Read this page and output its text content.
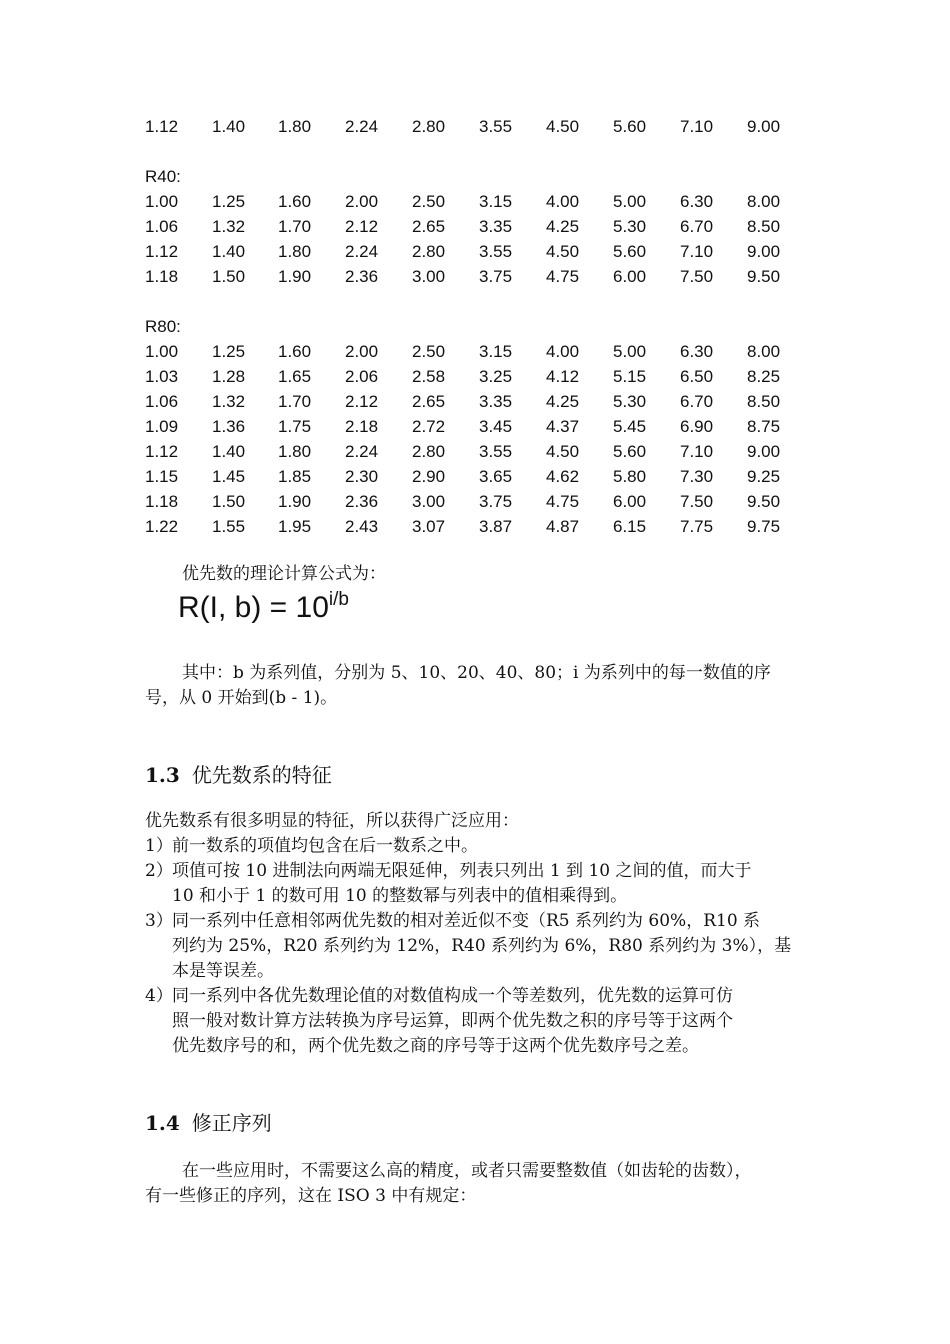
1.12 1.40 1.80 2.24 2.80 3.55 4.50 5.60 7.10 9.00
R40:
1.00 1.25 1.60 2.00 2.50 3.15 4.00 5.00 6.30 8.00
1.06 1.32 1.70 2.12 2.65 3.35 4.25 5.30 6.70 8.50
1.12 1.40 1.80 2.24 2.80 3.55 4.50 5.60 7.10 9.00
1.18 1.50 1.90 2.36 3.00 3.75 4.75 6.00 7.50 9.50
R80:
1.00 1.25 1.60 2.00 2.50 3.15 4.00 5.00 6.30 8.00
1.03 1.28 1.65 2.06 2.58 3.25 4.12 5.15 6.50 8.25
1.06 1.32 1.70 2.12 2.65 3.35 4.25 5.30 6.70 8.50
1.09 1.36 1.75 2.18 2.72 3.45 4.37 5.45 6.90 8.75
1.12 1.40 1.80 2.24 2.80 3.55 4.50 5.60 7.10 9.00
1.15 1.45 1.85 2.30 2.90 3.65 4.62 5.80 7.30 9.25
1.18 1.50 1.90 2.36 3.00 3.75 4.75 6.00 7.50 9.50
1.22 1.55 1.95 2.43 3.07 3.87 4.87 6.15 7.75 9.75
优先数的理论计算公式为：
R(I, $b) = 10^{i/b}$
其中：b 为系列值，分别为 5、10、20、40、80；i 为系列中的每一数值的序
号，从 0 开始到(b - 1)。
1.3 优先数系的特征
优先数系有很多明显的特征，所以获得广泛应用：
1） 前一数系的项值均包含在后一数系之中。
2） 项值可按 10 进制法向两端无限延伸，列表只列出 1 到 10 之间的值，而大于
10 和小于 1 的数可用 10 的整数幂与列表中的值相乘得到。
3） 同一系列中任意相邻两优先数的相对差近似不变（R5 系列约为 60%，R10 系
列约为 25%，R20 系列约为 12%，R40 系列约为 6%，R80 系列约为 3%），基
本是等误差。
4） 同一系列中各优先数理论值的对数值构成一个等差数列，优先数的运算可仿
照一般对数计算方法转换为序号运算，即两个优先数之积的序号等于这两个
优先数序号的和，两个优先数之商的序号等于这两个优先数序号之差。
1.4 修正序列
在一些应用时，不需要这么高的精度，或者只需要整数值（如齿轮的齿数），
有一些修正的序列，这在 ISO 3 中有规定：
